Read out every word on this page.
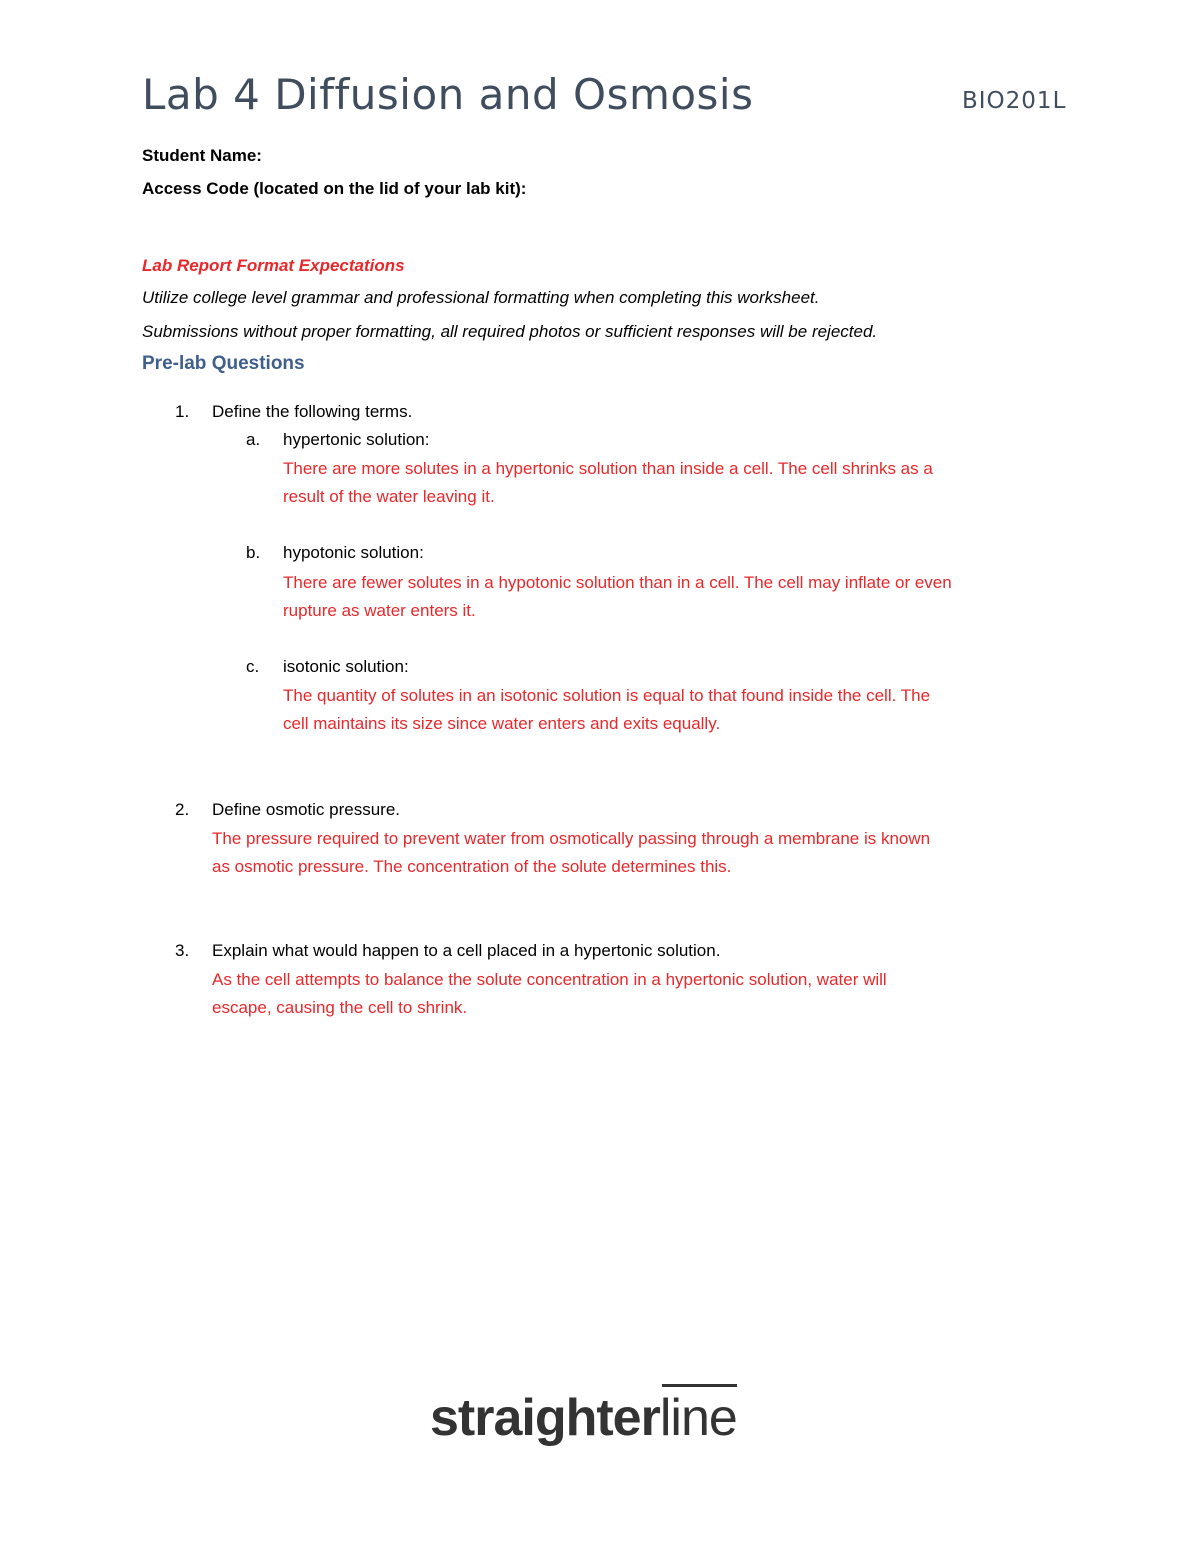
Lab 4 Diffusion and Osmosis	BIO201L
Student Name:
Access Code (located on the lid of your lab kit):
Lab Report Format Expectations
Utilize college level grammar and professional formatting when completing this worksheet.
Submissions without proper formatting, all required photos or sufficient responses will be rejected.
Pre-lab Questions
1. Define the following terms.
a. hypertonic solution:
There are more solutes in a hypertonic solution than inside a cell. The cell shrinks as a
result of the water leaving it.
b. hypotonic solution:
There are fewer solutes in a hypotonic solution than in a cell. The cell may inflate or even
rupture as water enters it.
c. isotonic solution:
The quantity of solutes in an isotonic solution is equal to that found inside the cell. The
cell maintains its size since water enters and exits equally.
2. Define osmotic pressure.
The pressure required to prevent water from osmotically passing through a membrane is known
as osmotic pressure. The concentration of the solute determines this.
3. Explain what would happen to a cell placed in a hypertonic solution.
As the cell attempts to balance the solute concentration in a hypertonic solution, water will
escape, causing the cell to shrink.
straighter line
